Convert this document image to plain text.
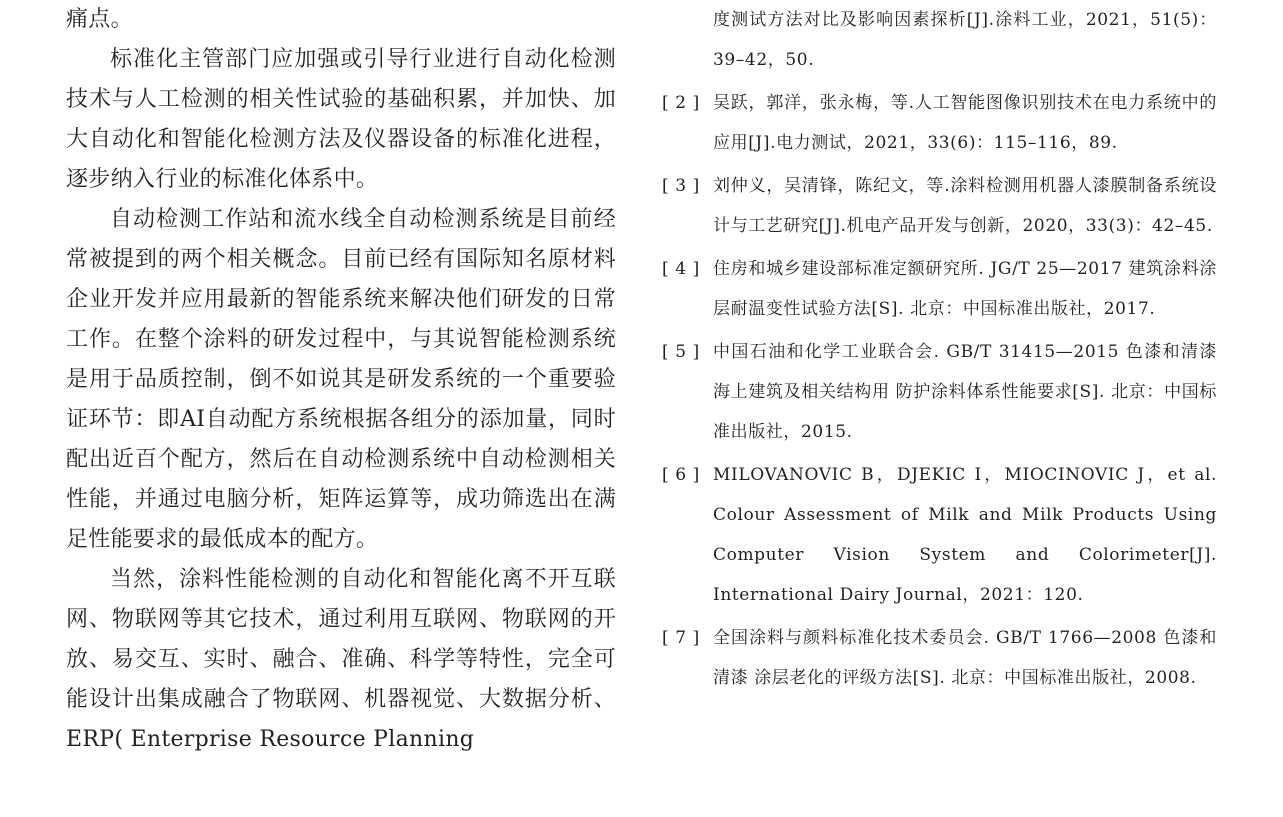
痛点。

标准化主管部门应加强或引导行业进行自动化检测技术与人工检测的相关性试验的基础积累，并加快、加大自动化和智能化检测方法及仪器设备的标准化进程，逐步纳入行业的标准化体系中。

自动检测工作站和流水线全自动检测系统是目前经常被提到的两个相关概念。目前已经有国际知名原材料企业开发并应用最新的智能系统来解决他们研发的日常工作。在整个涂料的研发过程中，与其说智能检测系统是用于品质控制，倒不如说其是研发系统的一个重要验证环节：即AI自动配方系统根据各组分的添加量，同时配出近百个配方，然后在自动检测系统中自动检测相关性能，并通过电脑分析，矩阵运算等，成功筛选出在满足性能要求的最低成本的配方。

当然，涂料性能检测的自动化和智能化离不开互联网、物联网等其它技术，通过利用互联网、物联网的开放、易交互、实时、融合、准确、科学等特性，完全可能设计出集成融合了物联网、机器视觉、大数据分析、ERP( Enterprise Resource Planning

度测试方法对比及影响因素探析[J].涂料工业，2021，51(5)：39–42，50.

[ 2 ] 吴跃，郭洋，张永梅，等.人工智能图像识别技术在电力系统中的应用[J].电力测试，2021，33(6)：115–116，89.
[ 3 ] 刘仲义，吴清锋，陈纪文，等.涂料检测用机器人漆膜制备系统设计与工艺研究[J].机电产品开发与创新，2020，33(3)：42–45.
[ 4 ] 住房和城乡建设部标准定额研究所. JG/T 25—2017 建筑涂料涂层耐温变性试验方法[S]. 北京：中国标准出版社，2017.
[ 5 ] 中国石油和化学工业联合会. GB/T 31415—2015 色漆和清漆 海上建筑及相关结构用 防护涂料体系性能要求[S]. 北京：中国标准出版社，2015.
[ 6 ] MILOVANOVIC B，DJEKIC I，MIOCINOVIC J，et al. Colour Assessment of Milk and Milk Products Using Computer Vision System and Colorimeter[J]. International Dairy Journal，2021：120.
[ 7 ] 全国涂料与颜料标准化技术委员会. GB/T 1766—2008 色漆和清漆 涂层老化的评级方法[S]. 北京：中国标准出版社，2008.
